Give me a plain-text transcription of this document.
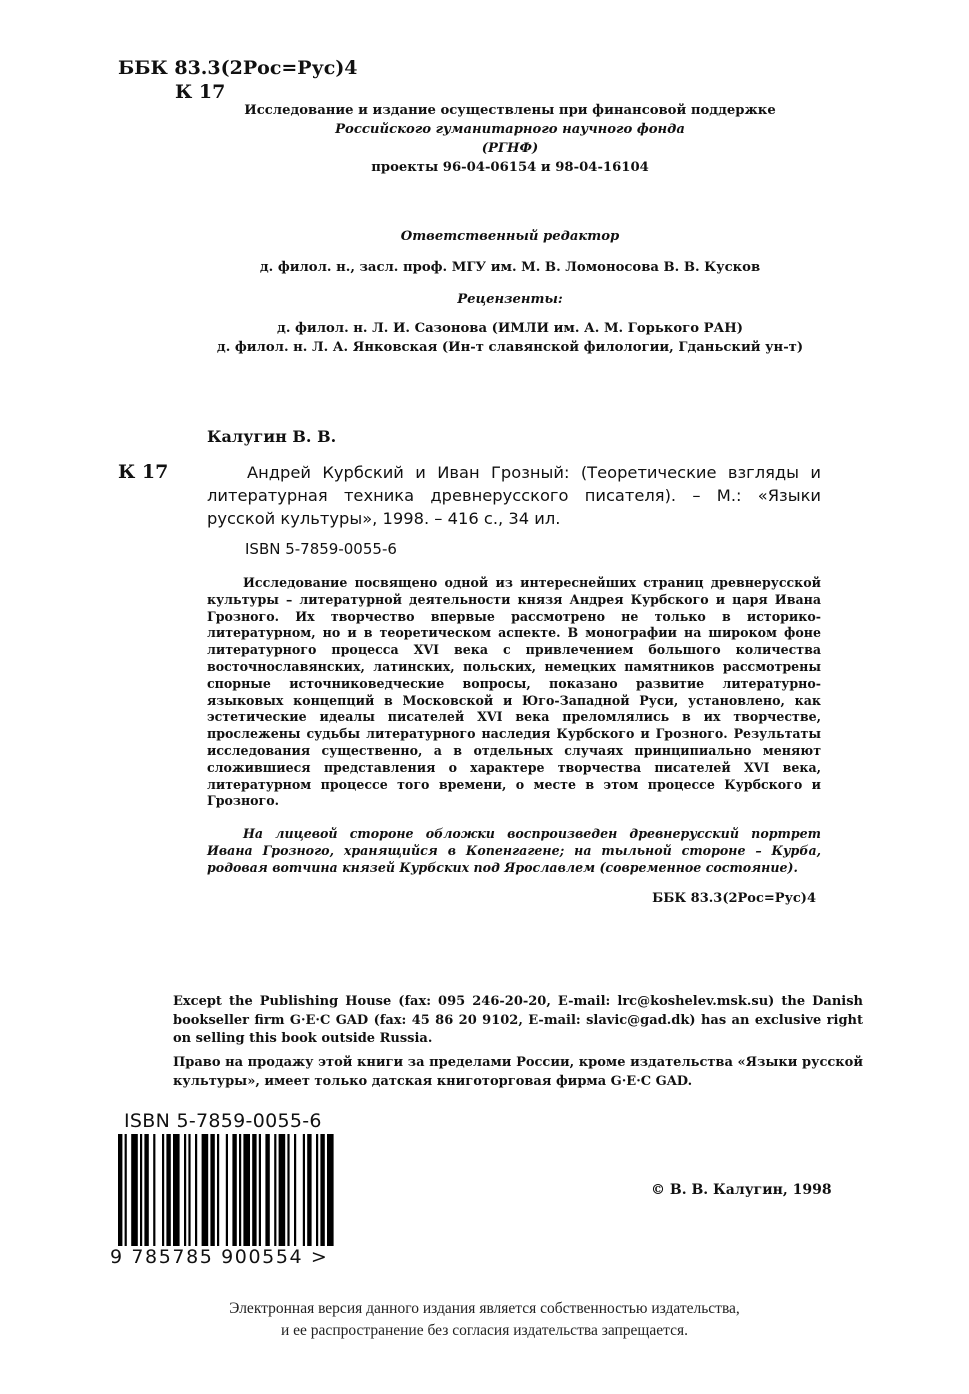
ББК 83.3(2Рос=Рус)4
К 17
Исследование и издание осуществлены при финансовой поддержке
Российского гуманитарного научного фонда
(РГНФ)
проекты 96-04-06154 и 98-04-16104
Ответственный редактор
д. филол. н., засл. проф. МГУ им. М. В. Ломоносова В. В. Кусков
Рецензенты:
д. филол. н. Л. И. Сазонова (ИМЛИ им. А. М. Горького РАН)
д. филол. н. Л. А. Янковская (Ин-т славянской филологии, Гданьский ун-т)
Калугин В. В.
К 17	Андрей Курбский и Иван Грозный: (Теоретические взгляды и литературная техника древнерусского писателя). – М.: «Языки русской культуры», 1998. – 416 с., 34 ил.
ISBN 5-7859-0055-6
Исследование посвящено одной из интереснейших страниц древнерусской культуры – литературной деятельности князя Андрея Курбского и царя Ивана Грозного. Их творчество впервые рассмотрено не только в историко-литературном, но и в теоретическом аспекте. В монографии на широком фоне литературного процесса XVI века с привлечением большого количества восточнославянских, латинских, польских, немецких памятников рассмотрены спорные источниковедческие вопросы, показано развитие литературно-языковых концепций в Московской и Юго-Западной Руси, установлено, как эстетические идеалы писателей XVI века преломлялись в их творчестве, прослежены судьбы литературного наследия Курбского и Грозного. Результаты исследования существенно, а в отдельных случаях принципиально меняют сложившиеся представления о характере творчества писателей XVI века, литературном процессе того времени, о месте в этом процессе Курбского и Грозного.
На лицевой стороне обложки воспроизведен древнерусский портрет Ивана Грозного, хранящийся в Копенгагене; на тыльной стороне – Курба, родовая вотчина князей Курбских под Ярославлем (современное состояние).
ББК 83.3(2Рос=Рус)4
Except the Publishing House (fax: 095 246-20-20, E-mail: lrc@koshelev.msk.su) the Danish bookseller firm G·E·C GAD (fax: 45 86 20 9102, E-mail: slavic@gad.dk) has an exclusive right on selling this book outside Russia.
Право на продажу этой книги за пределами России, кроме издательства «Языки русской культуры», имеет только датская книготорговая фирма G·E·C GAD.
ISBN 5-7859-0055-6
9 785785 900554 >
© В. В. Калугин, 1998
Электронная версия данного издания является собственностью издательства,
и ее распространение без согласия издательства запрещается.
